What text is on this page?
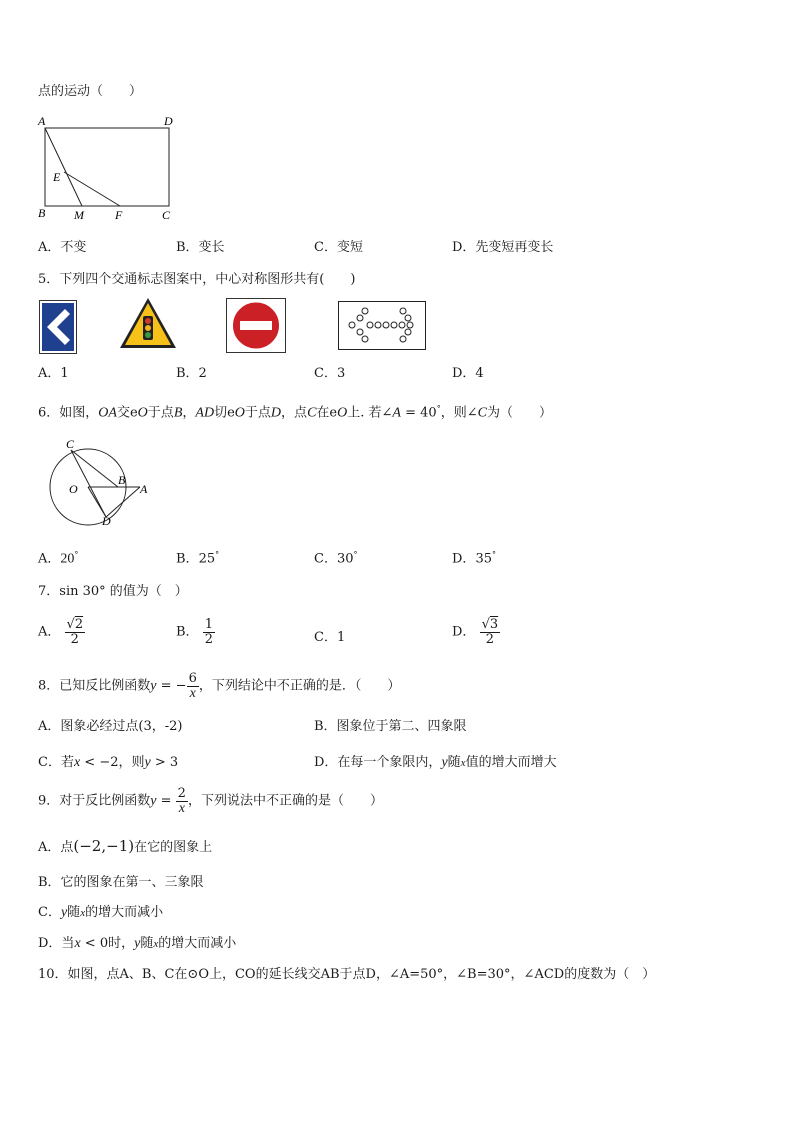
点的运动（　　）
A	D
E
B M	F	C
A．不变	B．变长	C．变短	D．先变短再变长
5．下列四个交通标志图案中，中心对称图形共有(　　)
A．1	B．2	C．3	D．4
6．如图，OA交eO于点B，AD切eO于点D，点C在eO上. 若∠A = 40°，则∠C为（　　）
C
O
B
A
D
A．20°	B．25°	C．30°	D．35°
7．sin 30° 的值为（　）
A． $\frac{√2}{2}$	B． $\frac{1}{2}$	C．1	D． $\frac{√3}{2}$
8．已知反比例函数y = − $\frac{6}{x}$ ，下列结论中不正确的是．（　　）
A．图象必经过点(3，-2)	B．图象位于第二、四象限
C．若x < −2，则y > 3	D．在每一个象限内，y随x值的增大而增大
9．对于反比例函数$y = \frac{2}{x}$ ，下列说法中不正确的是（　　）
A．点(−2,−1)在它的图象上
B．它的图象在第一、三象限
C．y随x的增大而减小
D．当x < 0时，y随x的增大而减小
10．如图，点A、B、C在⊙O上，CO的延长线交AB于点D，∠A=50°，∠B=30°，∠ACD的度数为（　）
